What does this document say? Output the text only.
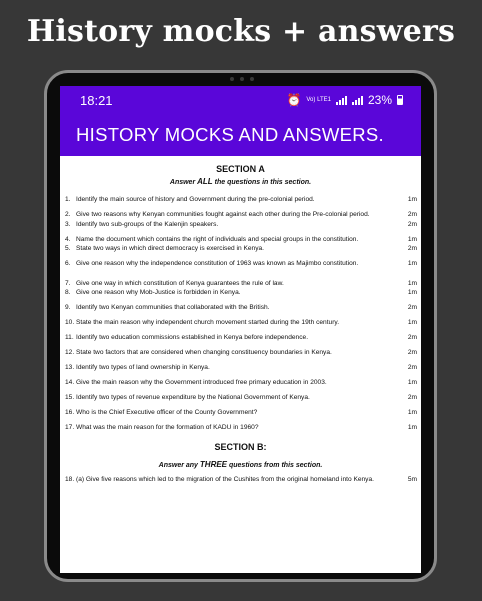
History mocks + answers
18:21	⏰ Vo) LTE1	23%
HISTORY MOCKS AND ANSWERS.
SECTION A
Answer ALL the questions in this section.
1. Identify the main source of history and Government during the pre-colonial period.	1m
2. Give two reasons why Kenyan communities fought against each other during the Pre-colonial period.	2m
3. Identify two sub-groups of the Kalenjin speakers.	2m
4. Name the document which contains the right of individuals and special groups in the constitution.	1m
5. State two ways in which direct democracy is exercised in Kenya.	2m
6. Give one reason why the independence constitution of 1963 was known as Majimbo constitution.	1m
7. Give one way in which constitution of Kenya guarantees the rule of law.	1m
8. Give one reason why Mob-Justice is forbidden in Kenya.	1m
9. Identify two Kenyan communities that collaborated with the British.	2m
10. State the main reason why independent church movement started during the 19th century.	1m
11. Identify two education commissions established in Kenya before independence.	2m
12. State two factors that are considered when changing constituency boundaries in Kenya.	2m
13. Identify two types of land ownership in Kenya.	2m
14. Give the main reason why the Government introduced free primary education in 2003.	1m
15. Identify two types of revenue expenditure by the National Government of Kenya.	2m
16. Who is the Chief Executive officer of the County Government?	1m
17. What was the main reason for the formation of KADU in 1960?	1m
SECTION B:
Answer any THREE questions from this section.
18. (a) Give five reasons which led to the migration of the Cushites from the original homeland into Kenya.	5m
